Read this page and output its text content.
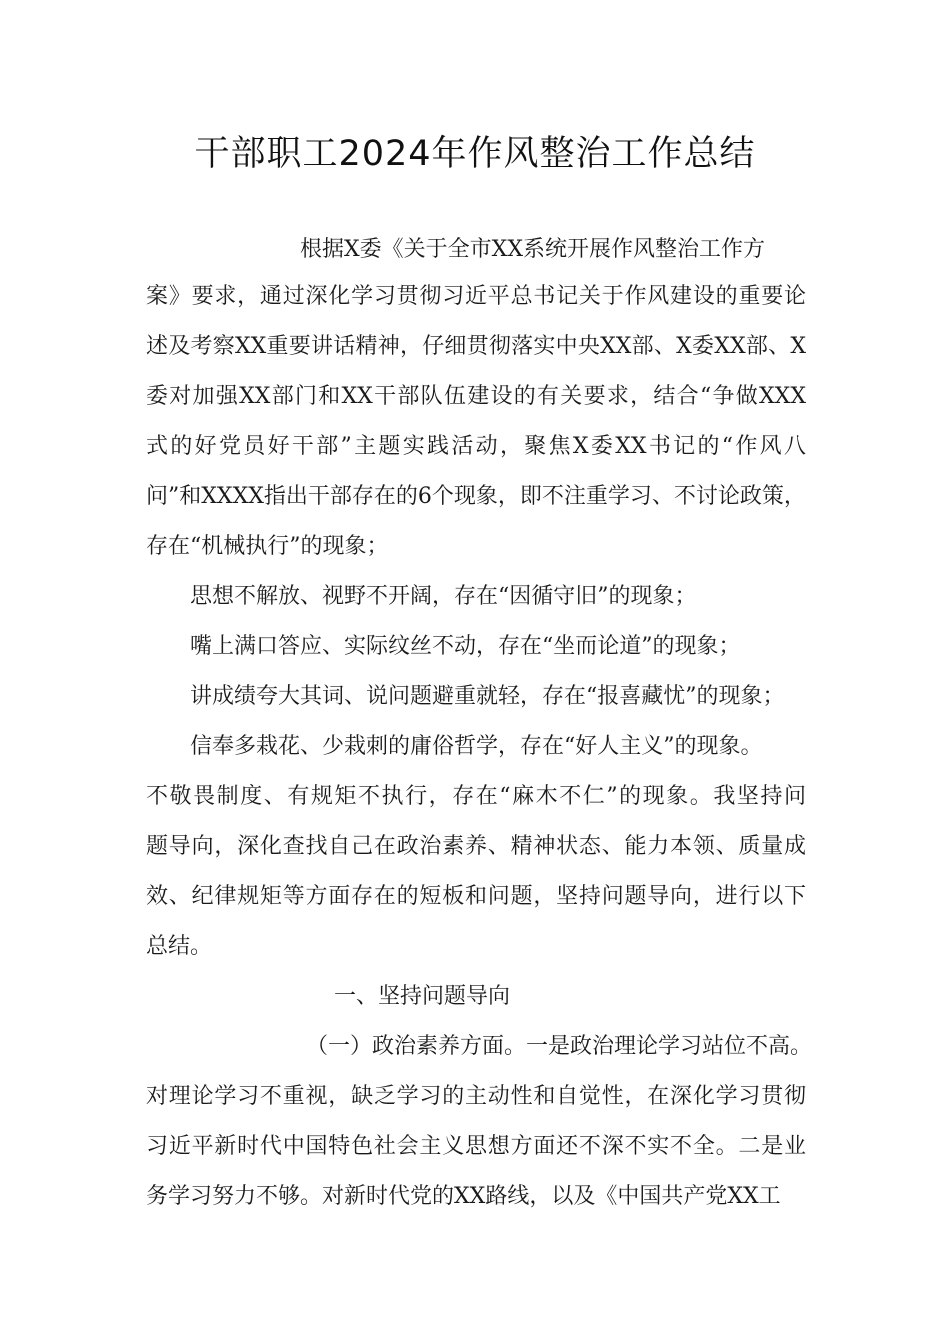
干部职工2024年作风整治工作总结

根据X委《关于全市XX系统开展作风整治工作方

案》要求，通过深化学习贯彻习近平总书记关于作风建设的重要论

述及考察XX重要讲话精神，仔细贯彻落实中央XX部、X委XX部、X

委对加强XX部门和XX干部队伍建设的有关要求，结合“争做XXX

式的好党员好干部”主题实践活动，聚焦X委XX书记的“作风八

问”和XXXX指出干部存在的6个现象，即不注重学习、不讨论政策，

存在“机械执行”的现象；

思想不解放、视野不开阔，存在“因循守旧”的现象；

嘴上满口答应、实际纹丝不动，存在“坐而论道”的现象；

讲成绩夸大其词、说问题避重就轻，存在“报喜藏忧”的现象；

信奉多栽花、少栽刺的庸俗哲学，存在“好人主义”的现象。

不敬畏制度、有规矩不执行，存在“麻木不仁”的现象。我坚持问

题导向，深化查找自己在政治素养、精神状态、能力本领、质量成

效、纪律规矩等方面存在的短板和问题，坚持问题导向，进行以下

总结。

一、坚持问题导向

（一）政治素养方面。一是政治理论学习站位不高。

对理论学习不重视，缺乏学习的主动性和自觉性，在深化学习贯彻

习近平新时代中国特色社会主义思想方面还不深不实不全。二是业

务学习努力不够。对新时代党的XX路线，以及《中国共产党XX工
